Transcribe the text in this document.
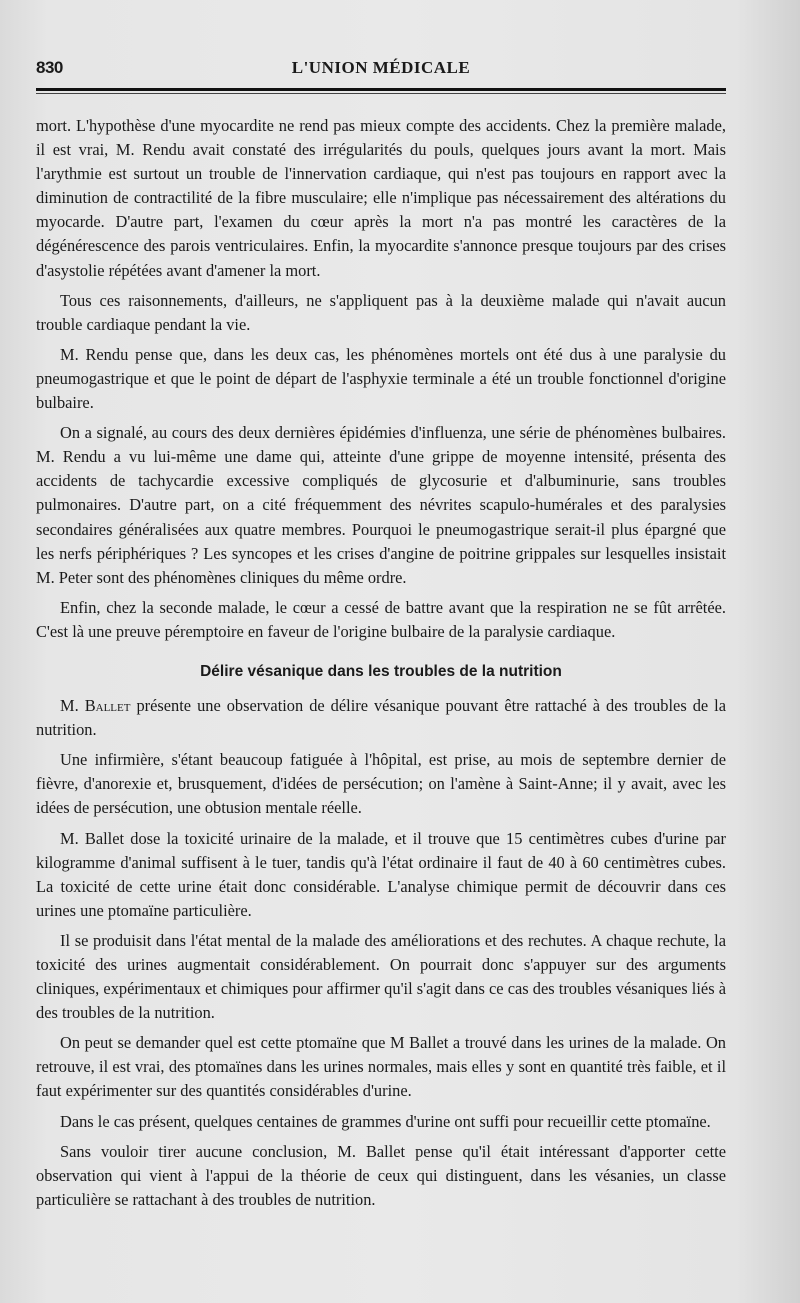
830	L'UNION MÉDICALE

mort. L'hypothèse d'une myocardite ne rend pas mieux compte des accidents. Chez la première malade, il est vrai, M. Rendu avait constaté des irrégularités du pouls, quelques jours avant la mort. Mais l'arythmie est surtout un trouble de l'innervation cardiaque, qui n'est pas toujours en rapport avec la diminution de contractilité de la fibre musculaire; elle n'implique pas nécessairement des altérations du myocarde. D'autre part, l'examen du cœur après la mort n'a pas montré les caractères de la dégénérescence des parois ventriculaires. Enfin, la myocardite s'annonce presque toujours par des crises d'asystolie répétées avant d'amener la mort.

Tous ces raisonnements, d'ailleurs, ne s'appliquent pas à la deuxième malade qui n'avait aucun trouble cardiaque pendant la vie.

M. Rendu pense que, dans les deux cas, les phénomènes mortels ont été dus à une paralysie du pneumogastrique et que le point de départ de l'asphyxie terminale a été un trouble fonctionnel d'origine bulbaire.

On a signalé, au cours des deux dernières épidémies d'influenza, une série de phénomènes bulbaires. M. Rendu a vu lui-même une dame qui, atteinte d'une grippe de moyenne intensité, présenta des accidents de tachycardie excessive compliqués de glycosurie et d'albuminurie, sans troubles pulmonaires. D'autre part, on a cité fréquemment des névrites scapulo-humérales et des paralysies secondaires généralisées aux quatre membres. Pourquoi le pneumogastrique serait-il plus épargné que les nerfs périphériques ? Les syncopes et les crises d'angine de poitrine grippales sur lesquelles insistait M. Peter sont des phénomènes cliniques du même ordre.

Enfin, chez la seconde malade, le cœur a cessé de battre avant que la respiration ne se fût arrêtée. C'est là une preuve péremptoire en faveur de l'origine bulbaire de la paralysie cardiaque.

Délire vésanique dans les troubles de la nutrition

M. Ballet présente une observation de délire vésanique pouvant être rattaché à des troubles de la nutrition.

Une infirmière, s'étant beaucoup fatiguée à l'hôpital, est prise, au mois de septembre dernier de fièvre, d'anorexie et, brusquement, d'idées de persécution; on l'amène à Saint-Anne; il y avait, avec les idées de persécution, une obtusion mentale réelle.

M. Ballet dose la toxicité urinaire de la malade, et il trouve que 15 centimètres cubes d'urine par kilogramme d'animal suffisent à le tuer, tandis qu'à l'état ordinaire il faut de 40 à 60 centimètres cubes. La toxicité de cette urine était donc considérable. L'analyse chimique permit de découvrir dans ces urines une ptomaïne particulière.

Il se produisit dans l'état mental de la malade des améliorations et des rechutes. A chaque rechute, la toxicité des urines augmentait considérablement. On pourrait donc s'appuyer sur des arguments cliniques, expérimentaux et chimiques pour affirmer qu'il s'agit dans ce cas des troubles vésaniques liés à des troubles de la nutrition.

On peut se demander quel est cette ptomaïne que M Ballet a trouvé dans les urines de la malade. On retrouve, il est vrai, des ptomaïnes dans les urines normales, mais elles y sont en quantité très faible, et il faut expérimenter sur des quantités considérables d'urine.

Dans le cas présent, quelques centaines de grammes d'urine ont suffi pour recueillir cette ptomaïne.

Sans vouloir tirer aucune conclusion, M. Ballet pense qu'il était intéressant d'apporter cette observation qui vient à l'appui de la théorie de ceux qui distinguent, dans les vésanies, un classe particulière se rattachant à des troubles de nutrition.
